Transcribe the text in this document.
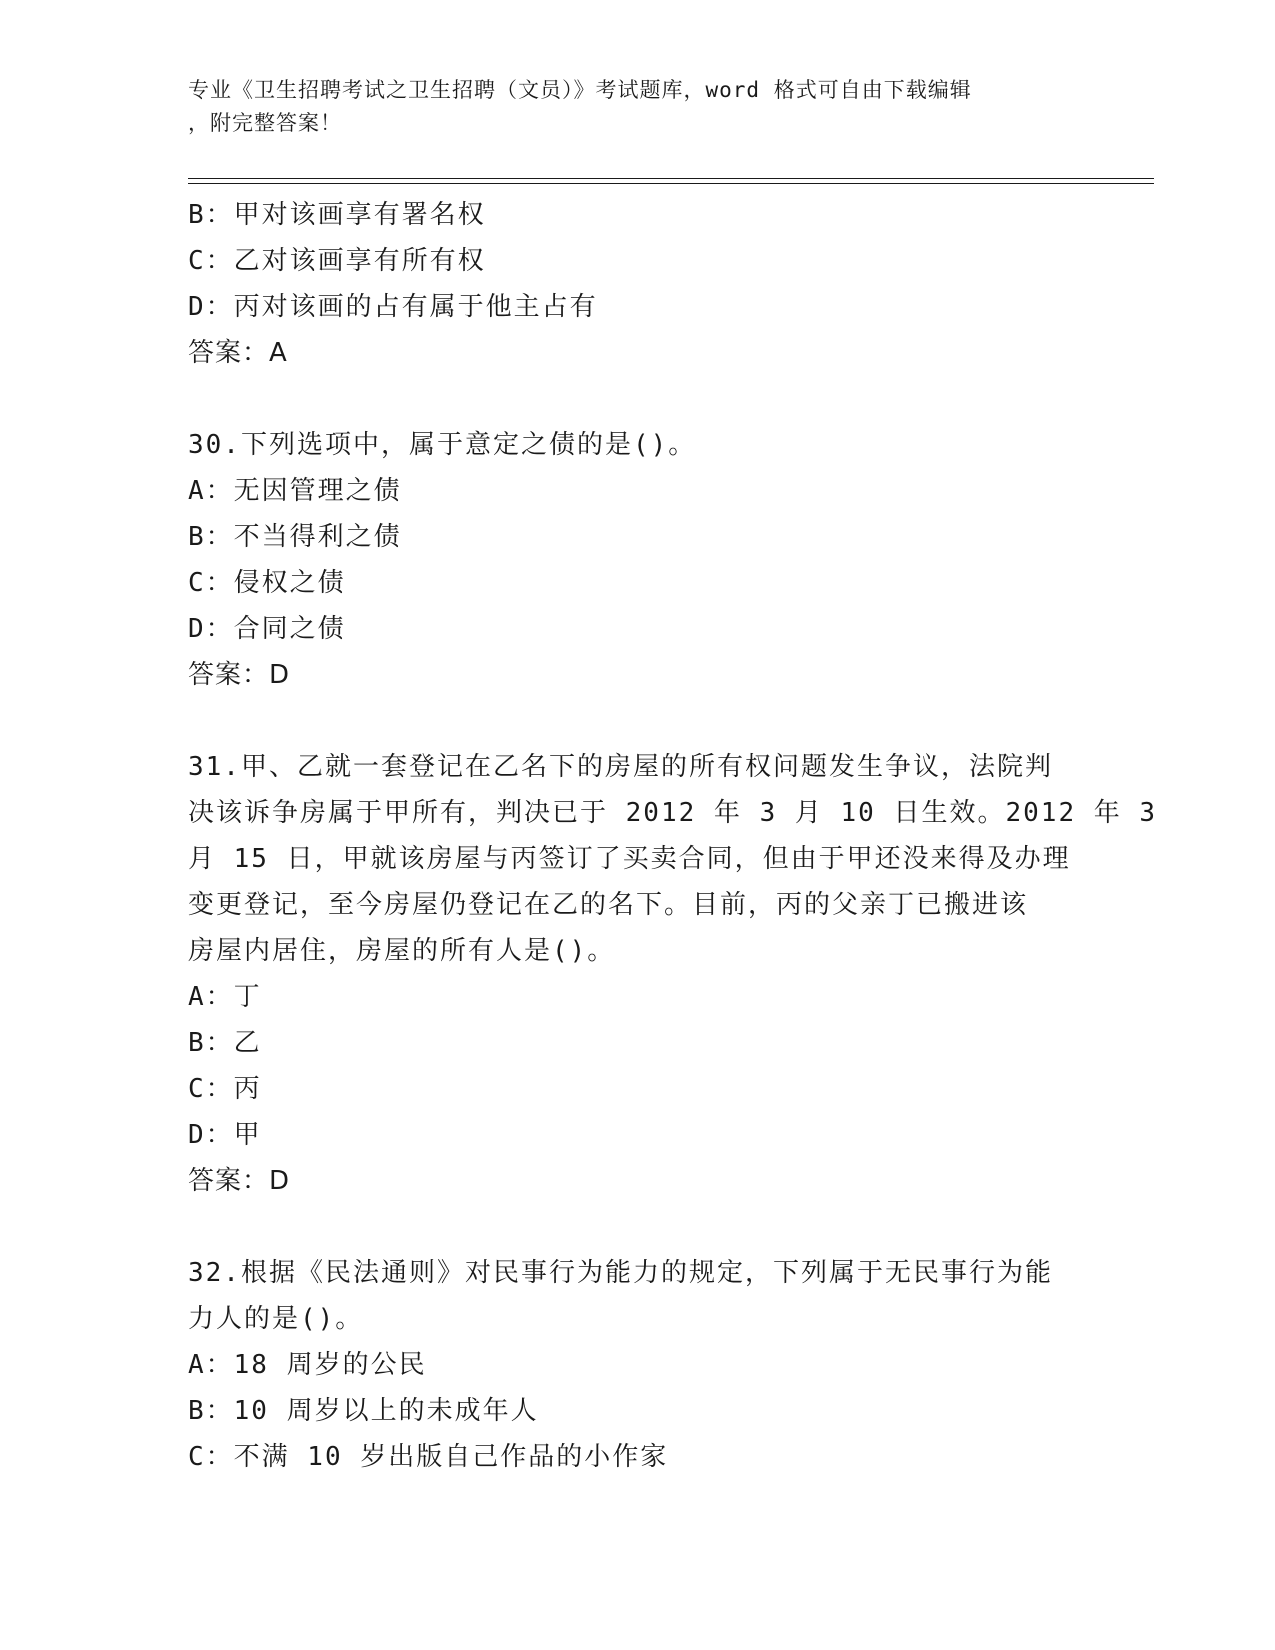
专业《卫生招聘考试之卫生招聘（文员）》考试题库，word 格式可自由下载编辑
，附完整答案！
B：甲对该画享有署名权
C：乙对该画享有所有权
D：丙对该画的占有属于他主占有
答案：A
30.下列选项中，属于意定之债的是()。
A：无因管理之债
B：不当得利之债
C：侵权之债
D：合同之债
答案：D
31.甲、乙就一套登记在乙名下的房屋的所有权问题发生争议，法院判
决该诉争房属于甲所有，判决已于 2012 年 3 月 10 日生效。2012 年 3
月 15 日，甲就该房屋与丙签订了买卖合同，但由于甲还没来得及办理
变更登记，至今房屋仍登记在乙的名下。目前，丙的父亲丁已搬进该
房屋内居住，房屋的所有人是()。
A：丁
B：乙
C：丙
D：甲
答案：D
32.根据《民法通则》对民事行为能力的规定，下列属于无民事行为能
力人的是()。
A：18 周岁的公民
B：10 周岁以上的未成年人
C：不满 10 岁出版自己作品的小作家
